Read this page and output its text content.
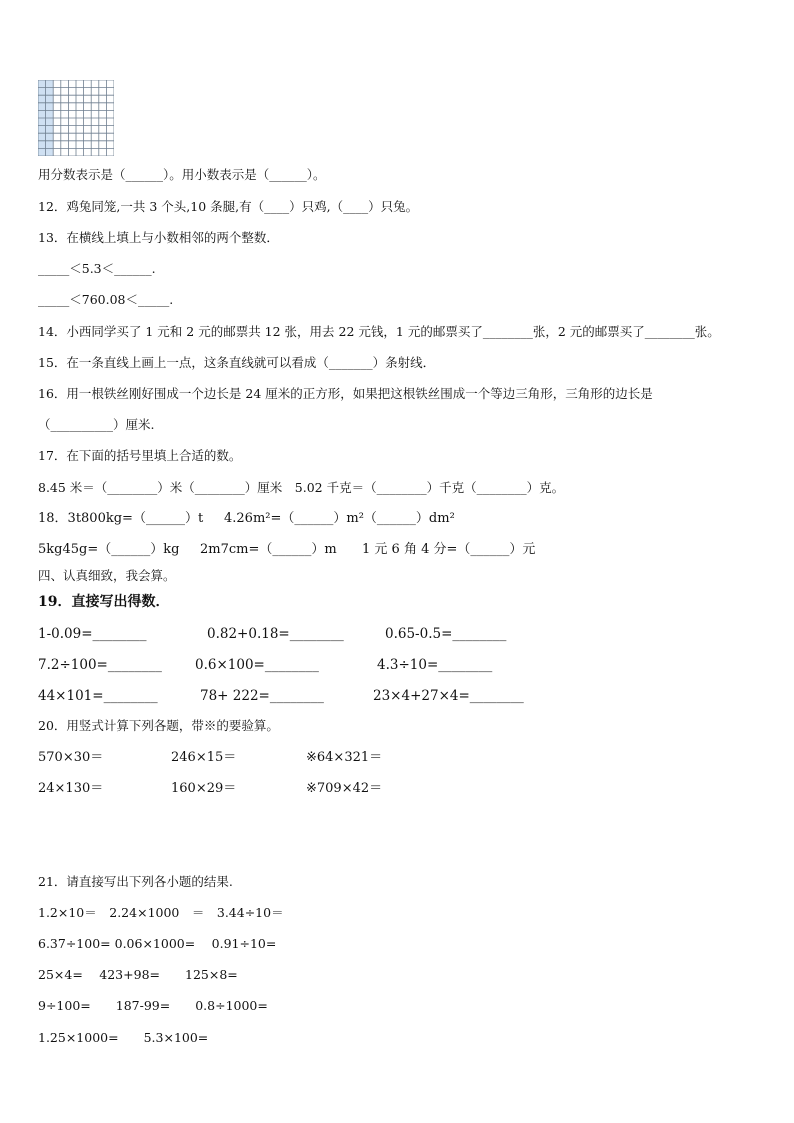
用分数表示是（______）。用小数表示是（______）。
12．鸡兔同笼,一共 3 个头,10 条腿,有（____）只鸡,（____）只兔。
13．在横线上填上与小数相邻的两个整数．
_____＜5.3＜______.
_____＜760.08＜_____.
14．小西同学买了 1 元和 2 元的邮票共 12 张，用去 22 元钱，1 元的邮票买了________张，2 元的邮票买了________张。
15．在一条直线上画上一点，这条直线就可以看成（_______）条射线．
16．用一根铁丝刚好围成一个边长是 24 厘米的正方形，如果把这根铁丝围成一个等边三角形，三角形的边长是
（__________）厘米.
17．在下面的括号里填上合适的数。
8.45 米＝（________）米（________）厘米　5.02 千克＝（________）千克（________）克。
18．3t800kg=（______）t 4.26m²=（______）m²（______）dm²
5kg45g=（______）kg 2m7cm=（______）m 1 元 6 角 4 分=（______）元
四、认真细致，我会算。
19．直接写出得数．
1-0.09=________	0.82+0.18=________	0.65-0.5=________
7.2÷100=________ 0.6×100=________	4.3÷10=________
44×101=________	78+ 222=________	23×4+27×4=________
20．用竖式计算下列各题，带※的要验算。
570×30＝	246×15＝	※64×321＝
24×130＝	160×29＝	※709×42＝
21．请直接写出下列各小题的结果.
1.2×10＝　2.24×1000　＝　3.44÷10＝
6.37÷100= 0.06×1000=　 0.91÷10=
25×4=　 423+98=　　125×8=
9÷100=　　187-99=　　0.8÷1000=
1.25×1000=　　5.3×100=
